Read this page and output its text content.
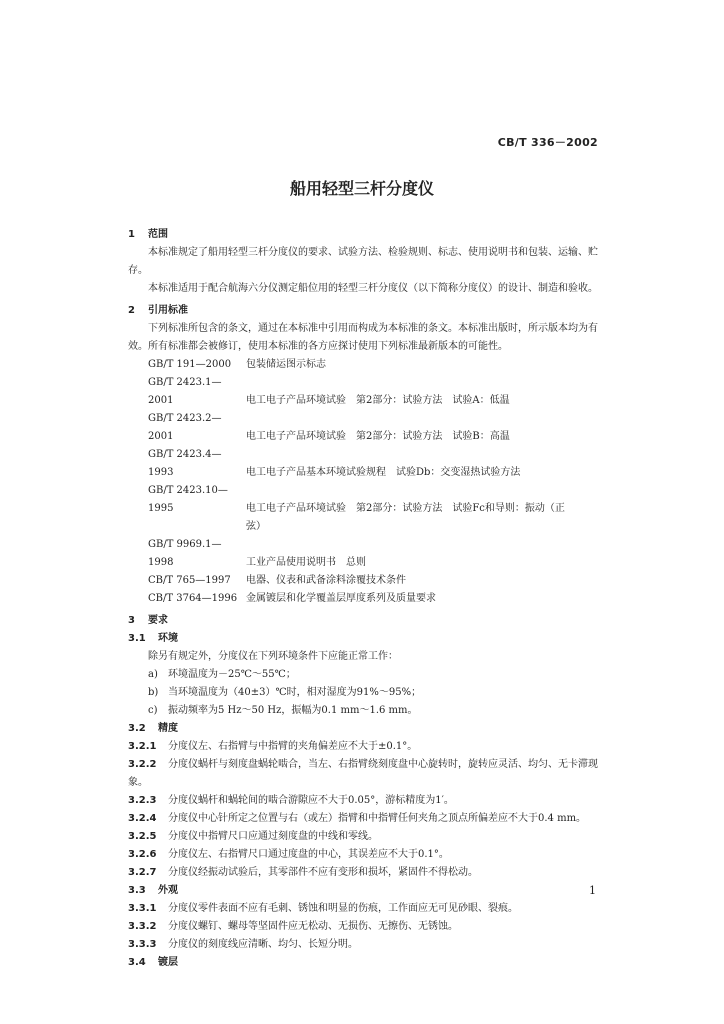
CB/T 336－2002
船用轻型三杆分度仪
1 范围
本标准规定了船用轻型三杆分度仪的要求、试验方法、检验规则、标志、使用说明书和包装、运输、贮存。
本标准适用于配合航海六分仪测定船位用的轻型三杆分度仪（以下简称分度仪）的设计、制造和验收。
2 引用标准
下列标准所包含的条文，通过在本标准中引用而构成为本标准的条文。本标准出版时，所示版本均为有效。所有标准都会被修订，使用本标准的各方应探讨使用下列标准最新版本的可能性。
GB/T 191—2000 包装储运图示标志
GB/T 2423.1—2001	电工电子产品环境试验　第2部分：试验方法　试验A：低温
GB/T 2423.2—2001	电工电子产品环境试验　第2部分：试验方法　试验B：高温
GB/T 2423.4—1993	电工电子产品基本环境试验规程　试验Db：交变湿热试验方法
GB/T 2423.10—1995	电工电子产品环境试验　第2部分：试验方法　试验Fc和导则：振动（正
弦）
GB/T 9969.1—1998	工业产品使用说明书　总则
CB/T 765—1997 电器、仪表和武备涂料涂覆技术条件
CB/T 3764—1996 金属镀层和化学覆盖层厚度系列及质量要求
3 要求
3.1 环境
除另有规定外，分度仪在下列环境条件下应能正常工作：
a) 环境温度为－25℃～55℃；
b) 当环境温度为（40±3）℃时，相对湿度为91%～95%；
c) 振动频率为5 Hz～50 Hz，振幅为0.1 mm～1.6 mm。
3.2 精度
3.2.1 分度仪左、右指臂与中指臂的夹角偏差应不大于±0.1°。
3.2.2 分度仪蜗杆与刻度盘蜗轮啮合，当左、右指臂绕刻度盘中心旋转时，旋转应灵活、均匀、无卡滞现象。
3.2.3 分度仪蜗杆和蜗轮间的啮合游隙应不大于0.05°，游标精度为1′。
3.2.4 分度仪中心针所定之位置与右（或左）指臂和中指臂任何夹角之顶点所偏差应不大于0.4 mm。
3.2.5 分度仪中指臂尺口应通过刻度盘的中线和零线。
3.2.6 分度仪左、右指臂尺口通过度盘的中心，其误差应不大于0.1°。
3.2.7 分度仪经振动试验后，其零部件不应有变形和损坏，紧固件不得松动。
3.3 外观
3.3.1 分度仪零件表面不应有毛刺、锈蚀和明显的伤痕，工作面应无可见砂眼、裂痕。
3.3.2 分度仪螺钉、螺母等坚固件应无松动、无损伤、无擦伤、无锈蚀。
3.3.3 分度仪的刻度线应清晰、均匀、长短分明。
3.4 镀层
1
